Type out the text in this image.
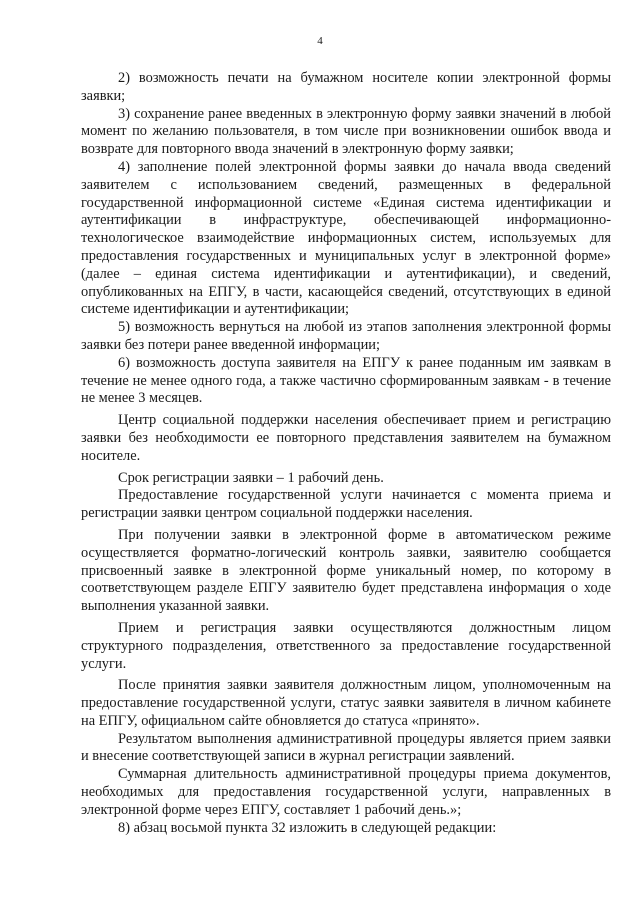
4

2) возможность печати на бумажном носителе копии электронной формы заявки;

3) сохранение ранее введенных в электронную форму заявки значений в любой момент по желанию пользователя, в том числе при возникновении ошибок ввода и возврате для повторного ввода значений в электронную форму заявки;

4) заполнение полей электронной формы заявки до начала ввода сведений заявителем с использованием сведений, размещенных в федеральной государственной информационной системе «Единая система идентификации и аутентификации в инфраструктуре, обеспечивающей информационно-технологическое взаимодействие информационных систем, используемых для предоставления государственных и муниципальных услуг в электронной форме» (далее – единая система идентификации и аутентификации), и сведений, опубликованных на ЕПГУ, в части, касающейся сведений, отсутствующих в единой системе идентификации и аутентификации;

5) возможность вернуться на любой из этапов заполнения электронной формы заявки без потери ранее введенной информации;

6) возможность доступа заявителя на ЕПГУ к ранее поданным им заявкам в течение не менее одного года, а также частично сформированным заявкам - в течение не менее 3 месяцев.

Центр социальной поддержки населения обеспечивает прием и регистрацию заявки без необходимости ее повторного представления заявителем на бумажном носителе.

Срок регистрации заявки – 1 рабочий день.

Предоставление государственной услуги начинается с момента приема и регистрации заявки центром социальной поддержки населения.

При получении заявки в электронной форме в автоматическом режиме осуществляется форматно-логический контроль заявки, заявителю сообщается присвоенный заявке в электронной форме уникальный номер, по которому в соответствующем разделе ЕПГУ заявителю будет представлена информация о ходе выполнения указанной заявки.

Прием и регистрация заявки осуществляются должностным лицом структурного подразделения, ответственного за предоставление государственной услуги.

После принятия заявки заявителя должностным лицом, уполномоченным на предоставление государственной услуги, статус заявки заявителя в личном кабинете на ЕПГУ, официальном сайте обновляется до статуса «принято».

Результатом выполнения административной процедуры является прием заявки и внесение соответствующей записи в журнал регистрации заявлений.

Суммарная длительность административной процедуры приема документов, необходимых для предоставления государственной услуги, направленных в электронной форме через ЕПГУ, составляет 1 рабочий день.»;

8) абзац восьмой пункта 32 изложить в следующей редакции:
